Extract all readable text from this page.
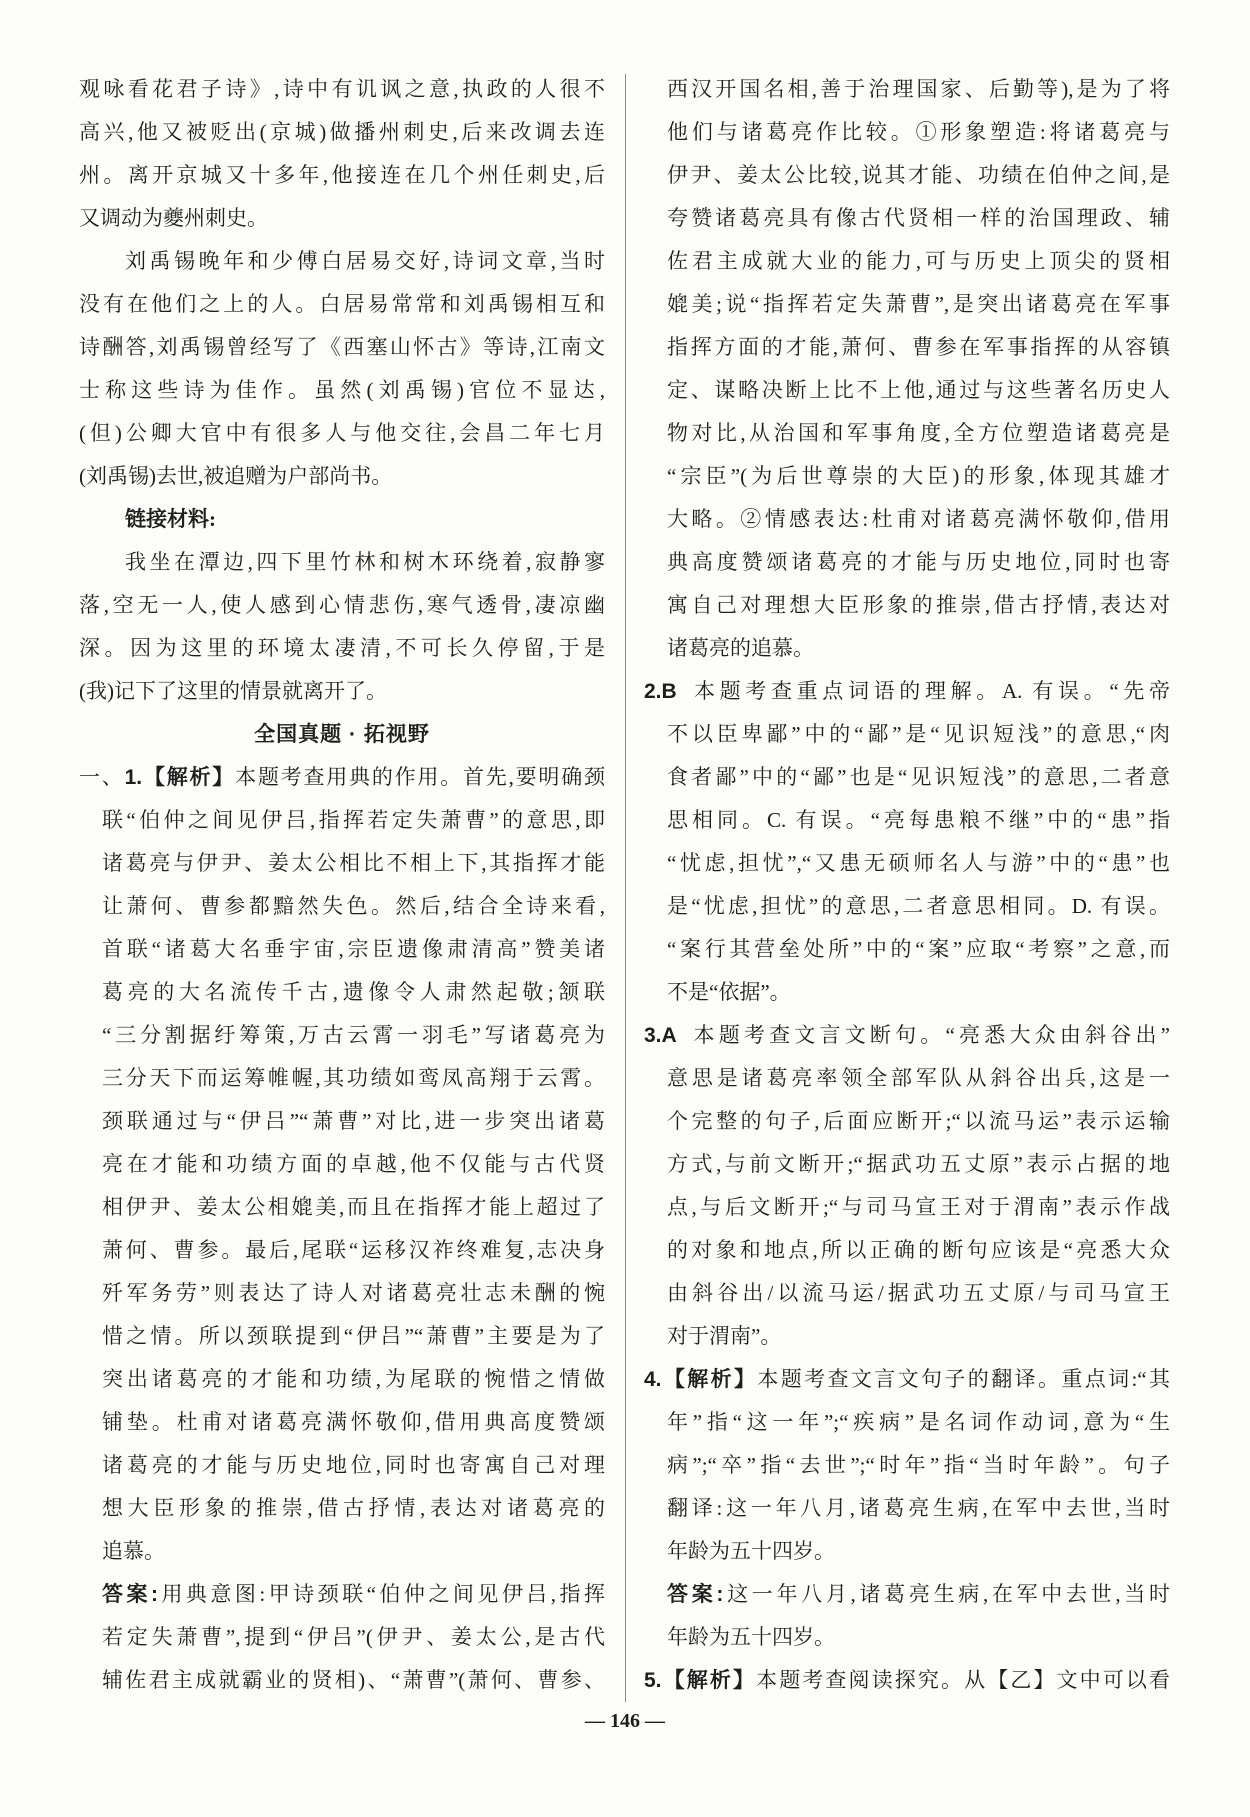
观咏看花君子诗》,诗中有讥讽之意,执政的人很不
高兴,他又被贬出(京城)做播州刺史,后来改调去连
州。离开京城又十多年,他接连在几个州任刺史,后
又调动为夔州刺史。
刘禹锡晚年和少傅白居易交好,诗词文章,当时
没有在他们之上的人。白居易常常和刘禹锡相互和
诗酬答,刘禹锡曾经写了《西塞山怀古》等诗,江南文
士称这些诗为佳作。虽然(刘禹锡)官位不显达,
(但)公卿大官中有很多人与他交往,会昌二年七月
(刘禹锡)去世,被追赠为户部尚书。
链接材料:
我坐在潭边,四下里竹林和树木环绕着,寂静寥
落,空无一人,使人感到心情悲伤,寒气透骨,凄凉幽
深。因为这里的环境太凄清,不可长久停留,于是
(我)记下了这里的情景就离开了。
全国真题 · 拓视野
一、1.【解析】本题考查用典的作用。首先,要明确颈
联“伯仲之间见伊吕,指挥若定失萧曹”的意思,即
诸葛亮与伊尹、姜太公相比不相上下,其指挥才能
让萧何、曹参都黯然失色。然后,结合全诗来看,
首联“诸葛大名垂宇宙,宗臣遗像肃清高”赞美诸
葛亮的大名流传千古,遗像令人肃然起敬;颔联
“三分割据纡筹策,万古云霄一羽毛”写诸葛亮为
三分天下而运筹帷幄,其功绩如鸾凤高翔于云霄。
颈联通过与“伊吕”“萧曹”对比,进一步突出诸葛
亮在才能和功绩方面的卓越,他不仅能与古代贤
相伊尹、姜太公相媲美,而且在指挥才能上超过了
萧何、曹参。最后,尾联“运移汉祚终难复,志决身
歼军务劳”则表达了诗人对诸葛亮壮志未酬的惋
惜之情。所以颈联提到“伊吕”“萧曹”主要是为了
突出诸葛亮的才能和功绩,为尾联的惋惜之情做
铺垫。杜甫对诸葛亮满怀敬仰,借用典高度赞颂
诸葛亮的才能与历史地位,同时也寄寓自己对理
想大臣形象的推崇,借古抒情,表达对诸葛亮的
追慕。
答案:用典意图:甲诗颈联“伯仲之间见伊吕,指挥
若定失萧曹”,提到“伊吕”(伊尹、姜太公,是古代
辅佐君主成就霸业的贤相)、“萧曹”(萧何、曹参、
西汉开国名相,善于治理国家、后勤等),是为了将
他们与诸葛亮作比较。①形象塑造:将诸葛亮与
伊尹、姜太公比较,说其才能、功绩在伯仲之间,是
夸赞诸葛亮具有像古代贤相一样的治国理政、辅
佐君主成就大业的能力,可与历史上顶尖的贤相
媲美;说“指挥若定失萧曹”,是突出诸葛亮在军事
指挥方面的才能,萧何、曹参在军事指挥的从容镇
定、谋略决断上比不上他,通过与这些著名历史人
物对比,从治国和军事角度,全方位塑造诸葛亮是
“宗臣”(为后世尊崇的大臣)的形象,体现其雄才
大略。②情感表达:杜甫对诸葛亮满怀敬仰,借用
典高度赞颂诸葛亮的才能与历史地位,同时也寄
寓自己对理想大臣形象的推崇,借古抒情,表达对
诸葛亮的追慕。
2.B 本题考查重点词语的理解。A. 有误。“先帝
不以臣卑鄙”中的“鄙”是“见识短浅”的意思,“肉
食者鄙”中的“鄙”也是“见识短浅”的意思,二者意
思相同。C. 有误。“亮每患粮不继”中的“患”指
“忧虑,担忧”,“又患无硕师名人与游”中的“患”也
是“忧虑,担忧”的意思,二者意思相同。D. 有误。
“案行其营垒处所”中的“案”应取“考察”之意,而
不是“依据”。
3.A 本题考查文言文断句。“亮悉大众由斜谷出”
意思是诸葛亮率领全部军队从斜谷出兵,这是一
个完整的句子,后面应断开;“以流马运”表示运输
方式,与前文断开;“据武功五丈原”表示占据的地
点,与后文断开;“与司马宣王对于渭南”表示作战
的对象和地点,所以正确的断句应该是“亮悉大众
由斜谷出/以流马运/据武功五丈原/与司马宣王
对于渭南”。
4.【解析】本题考查文言文句子的翻译。重点词:“其
年”指“这一年”;“疾病”是名词作动词,意为“生
病”;“卒”指“去世”;“时年”指“当时年龄”。句子
翻译:这一年八月,诸葛亮生病,在军中去世,当时
年龄为五十四岁。
答案:这一年八月,诸葛亮生病,在军中去世,当时
年龄为五十四岁。
5.【解析】本题考查阅读探究。从【乙】文中可以看
— 146 —
